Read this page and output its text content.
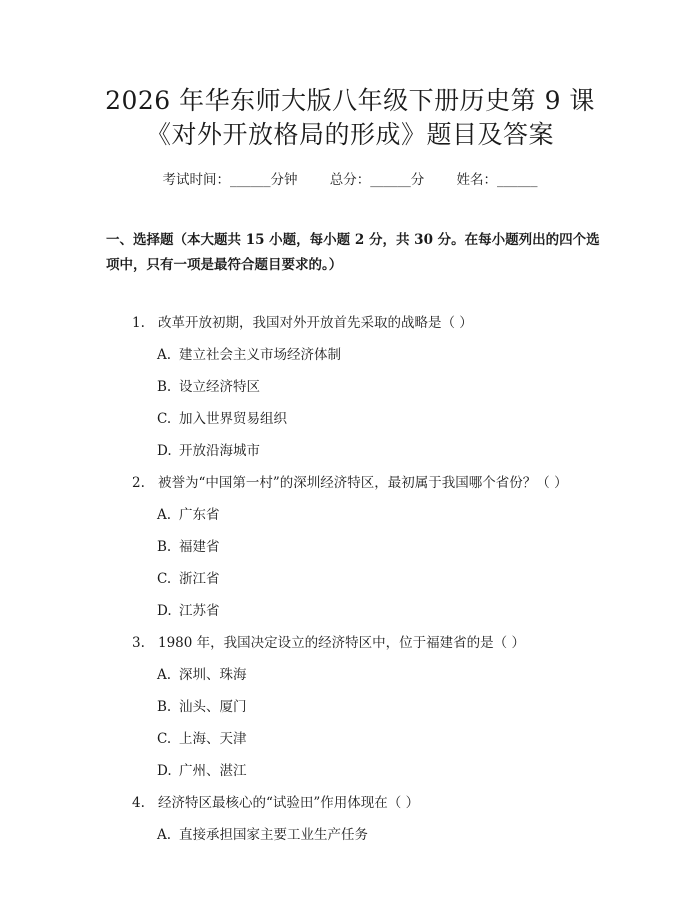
2026 年华东师大版八年级下册历史第 9 课
《对外开放格局的形成》题目及答案
考试时间：______分钟 总分：______分 姓名：______
一、选择题（本大题共 15 小题，每小题 2 分，共 30 分。在每小题列出的四个选项中，只有一项是最符合题目要求的。）
1. 改革开放初期，我国对外开放首先采取的战略是（ ）
A. 建立社会主义市场经济体制
B. 设立经济特区
C. 加入世界贸易组织
D. 开放沿海城市
2. 被誉为“中国第一村”的深圳经济特区，最初属于我国哪个省份？（ ）
A. 广东省
B. 福建省
C. 浙江省
D. 江苏省
3. 1980 年，我国决定设立的经济特区中，位于福建省的是（ ）
A. 深圳、珠海
B. 汕头、厦门
C. 上海、天津
D. 广州、湛江
4. 经济特区最核心的“试验田”作用体现在（ ）
A. 直接承担国家主要工业生产任务
